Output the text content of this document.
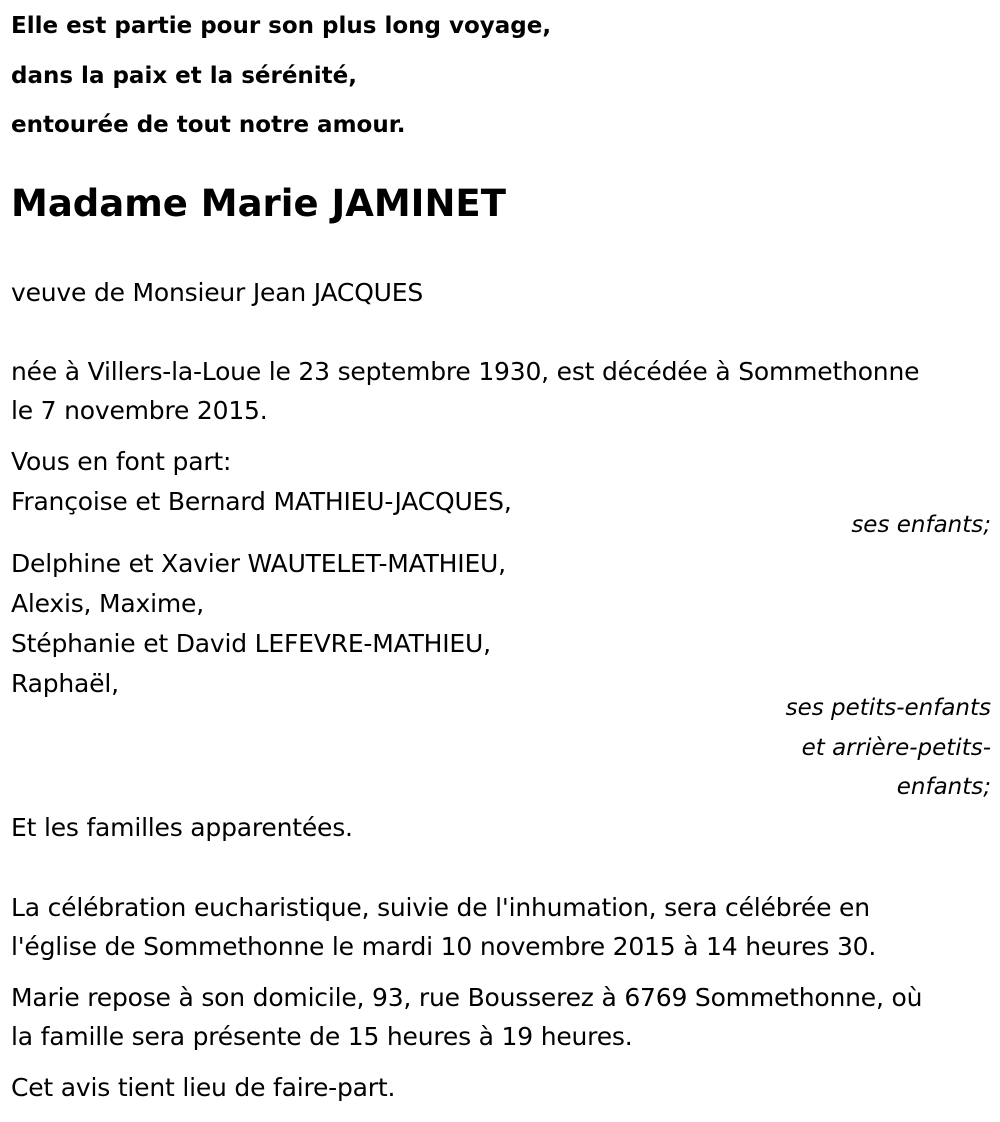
Elle est partie pour son plus long voyage,
dans la paix et la sérénité,
entourée de tout notre amour.
Madame Marie JAMINET
veuve de Monsieur Jean JACQUES
née à Villers-la-Loue le 23 septembre 1930, est décédée à Sommethonne
le 7 novembre 2015.
Vous en font part:
Françoise et Bernard MATHIEU-JACQUES,
ses enfants;
Delphine et Xavier WAUTELET-MATHIEU,
Alexis, Maxime,
Stéphanie et David LEFEVRE-MATHIEU,
Raphaël,
ses petits-enfants
et arrière-petits-
enfants;
Et les familles apparentées.
La célébration eucharistique, suivie de l'inhumation, sera célébrée en
l'église de Sommethonne le mardi 10 novembre 2015 à 14 heures 30.
Marie repose à son domicile, 93, rue Bousserez à 6769 Sommethonne, où
la famille sera présente de 15 heures à 19 heures.
Cet avis tient lieu de faire-part.
